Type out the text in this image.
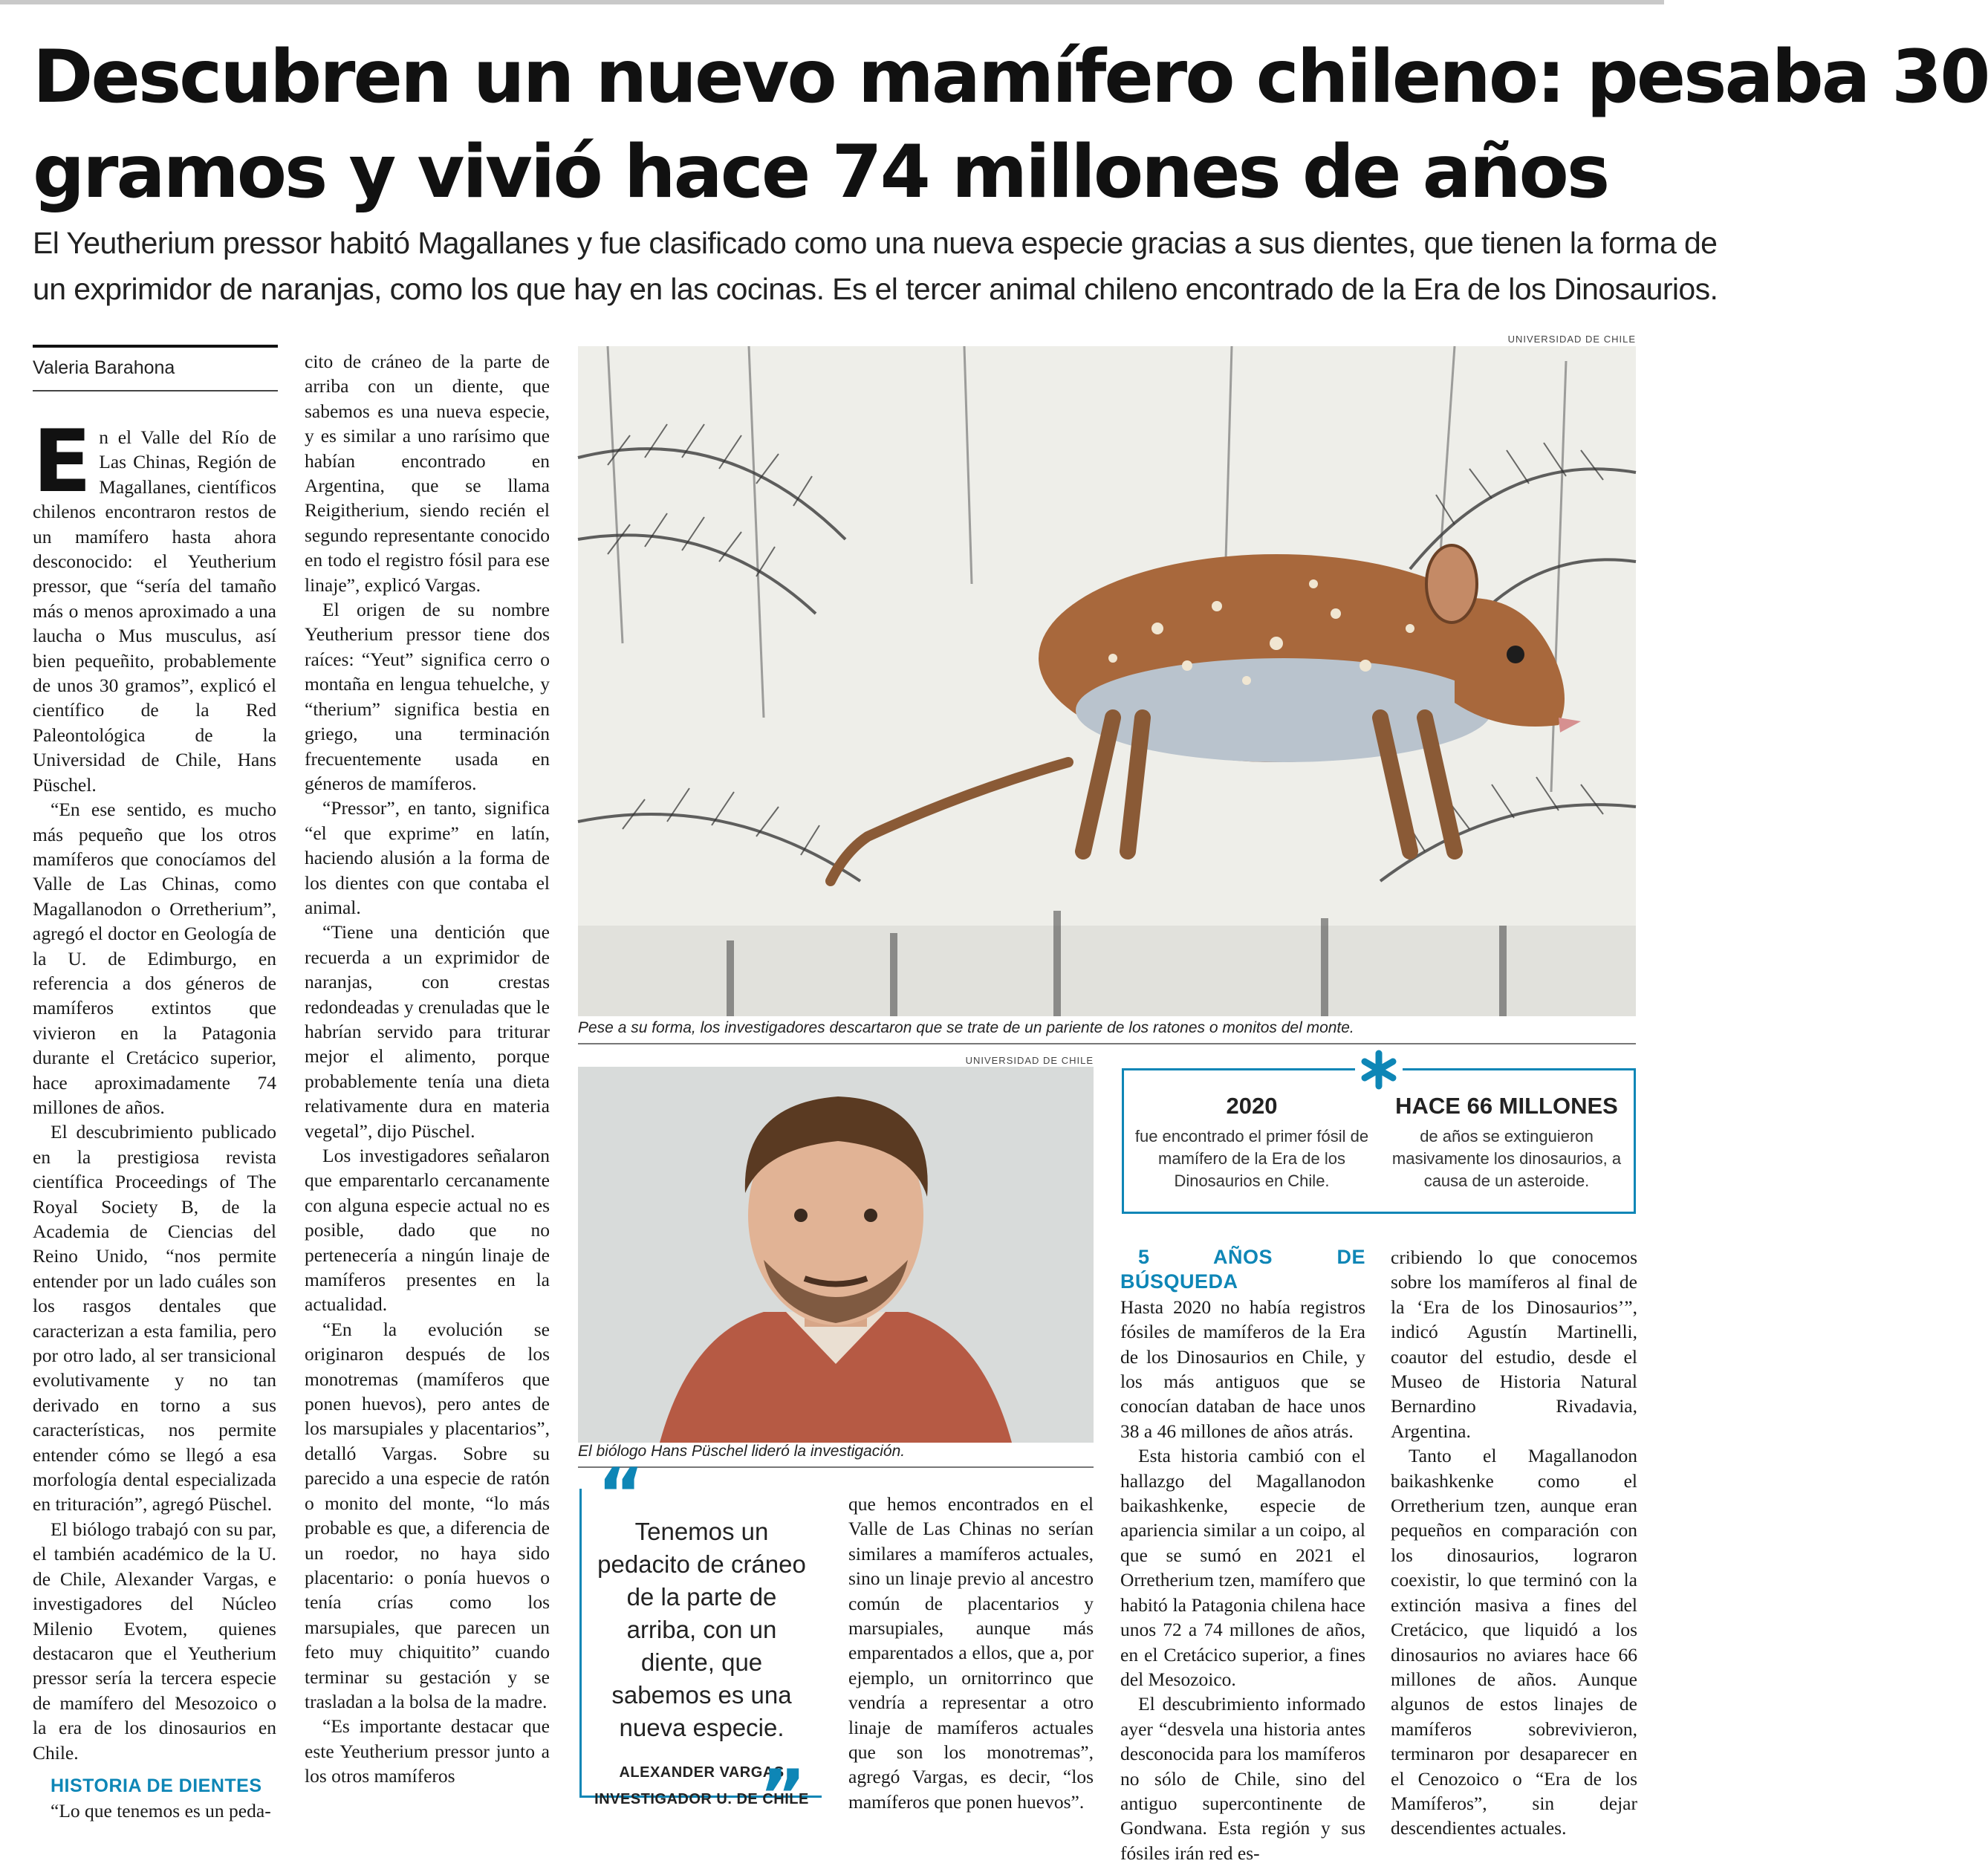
Descubren un nuevo mamífero chileno: pesaba 30
gramos y vivió hace 74 millones de años
El Yeutherium pressor habitó Magallanes y fue clasificado como una nueva especie gracias a sus dientes, que tienen la forma de
un exprimidor de naranjas, como los que hay en las cocinas. Es el tercer animal chileno encontrado de la Era de los Dinosaurios.
Valeria Barahona

En el Valle del Río de Las Chinas, Región de Magallanes, científicos chilenos encontraron restos de un mamífero hasta ahora desconocido: el Yeutherium pressor, que “sería del tamaño más o menos aproximado a una laucha o Mus musculus, así bien pequeñito, probablemente de unos 30 gramos”, explicó el científico de la Red Paleontológica de la Universidad de Chile, Hans Püschel.

“En ese sentido, es mucho más pequeño que los otros mamíferos que conocíamos del Valle de Las Chinas, como Magallanodon o Orretherium”, agregó el doctor en Geología de la U. de Edimburgo, en referencia a dos géneros de mamíferos extintos que vivieron en la Patagonia durante el Cretácico superior, hace aproximadamente 74 millones de años.

El descubrimiento publicado en la prestigiosa revista científica Proceedings of The Royal Society B, de la Academia de Ciencias del Reino Unido, “nos permite entender por un lado cuáles son los rasgos dentales que caracterizan a esta familia, pero por otro lado, al ser transicional evolutivamente y no tan derivado en torno a sus características, nos permite entender cómo se llegó a esa morfología dental especializada en trituración”, agregó Püschel.

El biólogo trabajó con su par, el también académico de la U. de Chile, Alexander Vargas, e investigadores del Núcleo Milenio Evotem, quienes destacaron que el Yeutherium pressor sería la tercera especie de mamífero del Mesozoico o la era de los dinosaurios en Chile.

HISTORIA DE DIENTES

“Lo que tenemos es un peda-

cito de cráneo de la parte de arriba con un diente, que sabemos es una nueva especie, y es similar a uno rarísimo que habían encontrado en Argentina, que se llama Reigitherium, siendo recién el segundo representante conocido en todo el registro fósil para ese linaje”, explicó Vargas.

El origen de su nombre Yeutherium pressor tiene dos raíces: “Yeut” significa cerro o montaña en lengua tehuelche, y “therium” significa bestia en griego, una terminación frecuentemente usada en géneros de mamíferos.

“Pressor”, en tanto, significa “el que exprime” en latín, haciendo alusión a la forma de los dientes con que contaba el animal.

“Tiene una dentición que recuerda a un exprimidor de naranjas, con crestas redondeadas y crenuladas que le habrían servido para triturar mejor el alimento, porque probablemente tenía una dieta relativamente dura en materia vegetal”, dijo Püschel.

Los investigadores señalaron que emparentarlo cercanamente con alguna especie actual no es posible, dado que no pertenecería a ningún linaje de mamíferos presentes en la actualidad.

“En la evolución se originaron después de los monotremas (mamíferos que ponen huevos), pero antes de los marsupiales y placentarios”, detalló Vargas. Sobre su parecido a una especie de ratón o monito del monte, “lo más probable es que, a diferencia de un roedor, no haya sido placentario: o ponía huevos o tenía crías como los marsupiales, que parecen un feto muy chiquitito” cuando terminar su gestación y se trasladan a la bolsa de la madre.

“Es importante destacar que este Yeutherium pressor junto a los otros mamíferos

UNIVERSIDAD DE CHILE
Pese a su forma, los investigadores descartaron que se trate de un pariente de los ratones o monitos del monte.
UNIVERSIDAD DE CHILE
El biólogo Hans Püschel lideró la investigación.
2020
fue encontrado el primer fósil de mamífero de la Era de los Dinosaurios en Chile.
HACE 66 MILLONES
de años se extinguieron masivamente los dinosaurios, a causa de un asteroide.

5 AÑOS DE BÚSQUEDA

Hasta 2020 no había registros fósiles de mamíferos de la Era de los Dinosaurios en Chile, y los más antiguos que se conocían databan de hace unos 38 a 46 millones de años atrás.

Esta historia cambió con el hallazgo del Magallanodon baikashkenke, especie de apariencia similar a un coipo, al que se sumó en 2021 el Orretherium tzen, mamífero que habitó la Patagonia chilena hace unos 72 a 74 millones de años, en el Cretácico superior, a fines del Mesozoico.

El descubrimiento informado ayer “desvela una historia antes desconocida para los mamíferos no sólo de Chile, sino del antiguo supercontinente de Gondwana. Esta región y sus fósiles irán red es-

cribiendo lo que conocemos sobre los mamíferos al final de la ‘Era de los Dinosaurios’”, indicó Agustín Martinelli, coautor del estudio, desde el Museo de Historia Natural Bernardino Rivadavia, Argentina.

Tanto el Magallanodon baikashkenke como el Orretherium tzen, aunque eran pequeños en comparación con los dinosaurios, lograron coexistir, lo que terminó con la extinción masiva a fines del Cretácico, que liquidó a los dinosaurios no aviares hace 66 millones de años. Aunque algunos de estos linajes de mamíferos sobrevivieron, terminaron por desaparecer en el Cenozoico o “Era de los Mamíferos”, sin dejar descendientes actuales.

“
Tenemos un pedacito de cráneo de la parte de arriba, con un diente, que sabemos es una nueva especie.
ALEXANDER VARGAS
INVESTIGADOR U. DE CHILE
”

que hemos encontrados en el Valle de Las Chinas no serían similares a mamíferos actuales, sino un linaje previo al ancestro común de placentarios y marsupiales, aunque más emparentados a ellos, que a, por ejemplo, un ornitorrinco que vendría a representar a otro linaje de mamíferos actuales que son los monotremas”, agregó Vargas, es decir, “los mamíferos que ponen huevos”.
